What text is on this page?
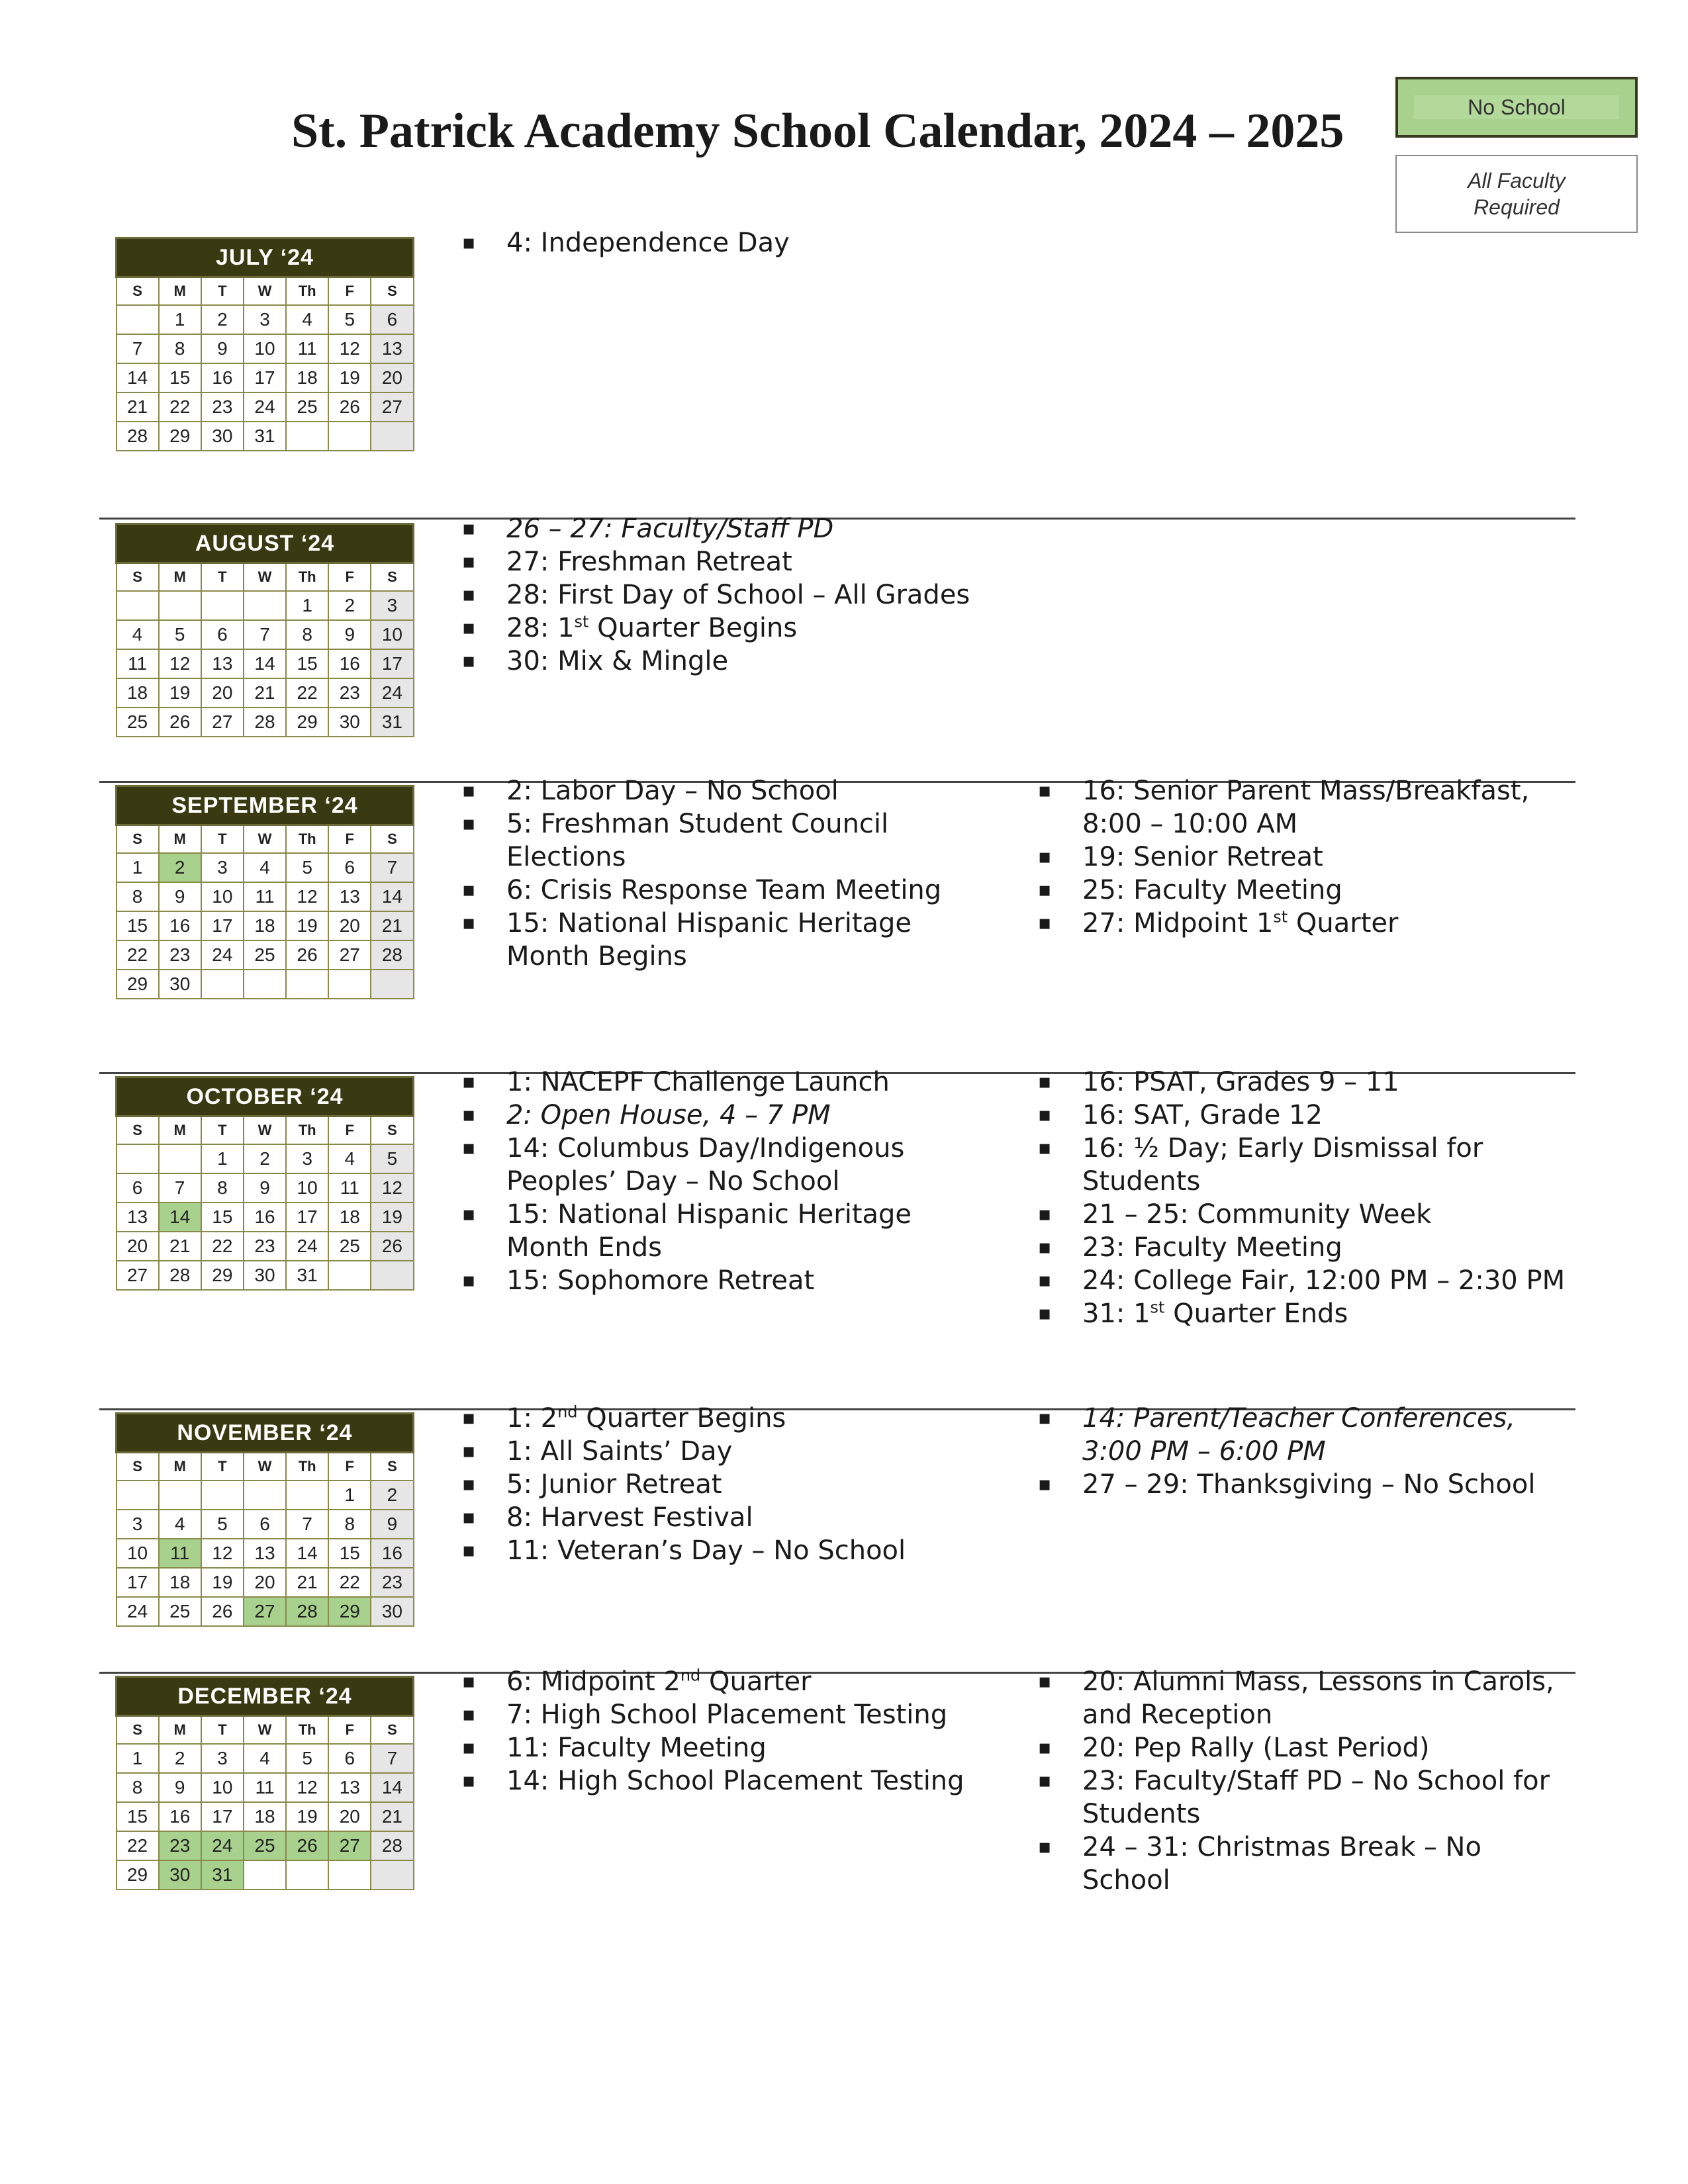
St. Patrick Academy School Calendar, 2024 – 2025	No School
All Faculty
Required
JULY ‘24						
S	M	T	W	Th	F	S
	1	2	3	4	5	6
7	8	9	10	11	12	13
14	15	16	17	18	19	20
21	22	23	24	25	26	27
28	29	30	31			
▪ 4: Independence Day
AUGUST ‘24						
S	M	T	W	Th	F	S
				1	2	3
4	5	6	7	8	9	10
11	12	13	14	15	16	17
18	19	20	21	22	23	24
25	26	27	28	29	30	31
▪ 26 – 27: Faculty/Staff PD
▪ 27: Freshman Retreat
▪ 28: First Day of School – All Grades
▪ 28: 1st Quarter Begins
▪ 30: Mix & Mingle
SEPTEMBER ‘24						
S	M	T	W	Th	F	S
1	2	3	4	5	6	7
8	9	10	11	12	13	14
15	16	17	18	19	20	21
22	23	24	25	26	27	28
29	30					
▪ 2: Labor Day – No School
▪ 5: Freshman Student Council Elections
▪ 6: Crisis Response Team Meeting
▪ 15: National Hispanic Heritage Month Begins
▪ 16: Senior Parent Mass/Breakfast, 8:00 – 10:00 AM
▪ 19: Senior Retreat
▪ 25: Faculty Meeting
▪ 27: Midpoint 1st Quarter
OCTOBER ‘24						
S	M	T	W	Th	F	S
		1	2	3	4	5
6	7	8	9	10	11	12
13	14	15	16	17	18	19
20	21	22	23	24	25	26
27	28	29	30	31		
▪ 1: NACEPF Challenge Launch
▪ 2: Open House, 4 – 7 PM
▪ 14: Columbus Day/Indigenous Peoples’ Day – No School
▪ 15: National Hispanic Heritage Month Ends
▪ 15: Sophomore Retreat
▪ 16: PSAT, Grades 9 – 11
▪ 16: SAT, Grade 12
▪ 16: ½ Day; Early Dismissal for Students
▪ 21 – 25: Community Week
▪ 23: Faculty Meeting
▪ 24: College Fair, 12:00 PM – 2:30 PM
▪ 31: 1st Quarter Ends
NOVEMBER ‘24						
S	M	T	W	Th	F	S
					1	2
3	4	5	6	7	8	9
10	11	12	13	14	15	16
17	18	19	20	21	22	23
24	25	26	27	28	29	30
▪ 1: 2nd Quarter Begins
▪ 1: All Saints’ Day
▪ 5: Junior Retreat
▪ 8: Harvest Festival
▪ 11: Veteran’s Day – No School
▪ 14: Parent/Teacher Conferences, 3:00 PM – 6:00 PM
▪ 27 – 29: Thanksgiving – No School
DECEMBER ‘24						
S	M	T	W	Th	F	S
1	2	3	4	5	6	7
8	9	10	11	12	13	14
15	16	17	18	19	20	21
22	23	24	25	26	27	28
29	30	31				
▪ 6: Midpoint 2nd Quarter
▪ 7: High School Placement Testing
▪ 11: Faculty Meeting
▪ 14: High School Placement Testing
▪ 20: Alumni Mass, Lessons in Carols, and Reception
▪ 20: Pep Rally (Last Period)
▪ 23: Faculty/Staff PD – No School for Students
▪ 24 – 31: Christmas Break – No School
